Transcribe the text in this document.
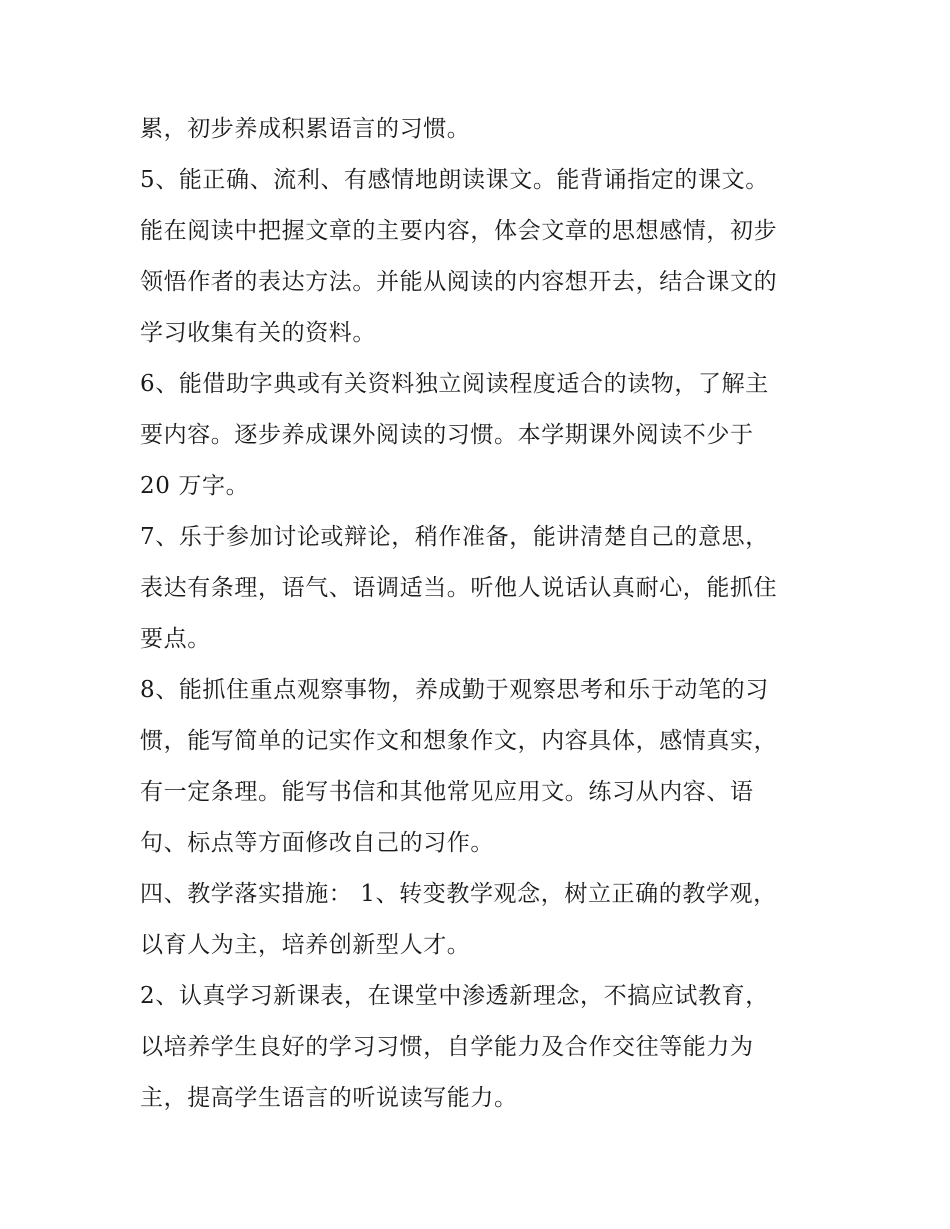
累，初步养成积累语言的习惯。
5、能正确、流利、有感情地朗读课文。能背诵指定的课文。
能在阅读中把握文章的主要内容，体会文章的思想感情，初步
领悟作者的表达方法。并能从阅读的内容想开去，结合课文的
学习收集有关的资料。
6、能借助字典或有关资料独立阅读程度适合的读物，了解主
要内容。逐步养成课外阅读的习惯。本学期课外阅读不少于
20 万字。
7、乐于参加讨论或辩论，稍作准备，能讲清楚自己的意思，
表达有条理，语气、语调适当。听他人说话认真耐心，能抓住
要点。
8、能抓住重点观察事物，养成勤于观察思考和乐于动笔的习
惯，能写简单的记实作文和想象作文，内容具体，感情真实，
有一定条理。能写书信和其他常见应用文。练习从内容、语
句、标点等方面修改自己的习作。
四、教学落实措施： 1、转变教学观念，树立正确的教学观，
以育人为主，培养创新型人才。
2、认真学习新课表，在课堂中渗透新理念，不搞应试教育，
以培养学生良好的学习习惯，自学能力及合作交往等能力为
主，提高学生语言的听说读写能力。
